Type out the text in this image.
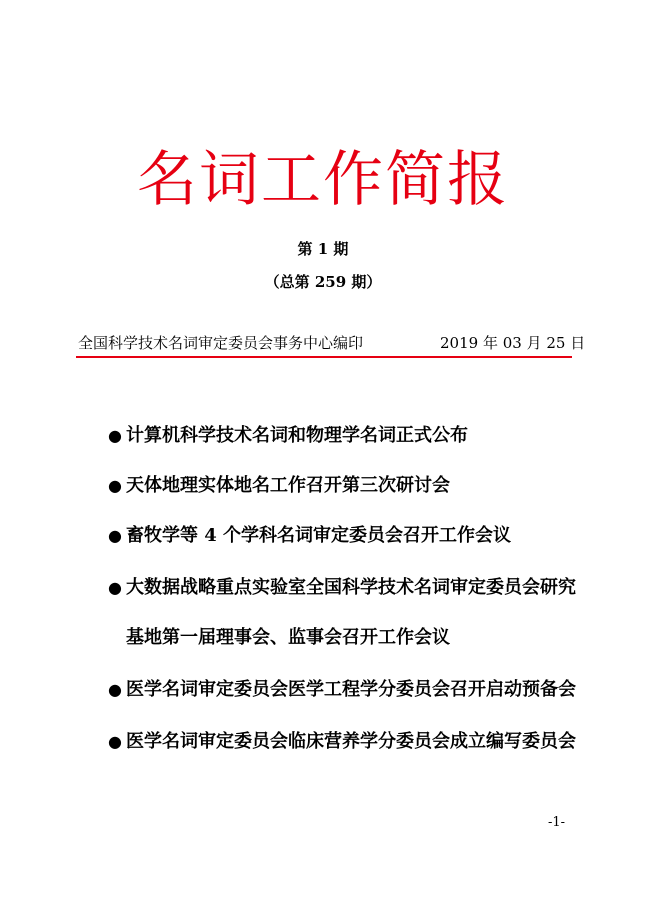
名词工作简报
第 1 期
（总第 259 期）
全国科学技术名词审定委员会事务中心编印	2019 年 03 月 25 日
● 计算机科学技术名词和物理学名词正式公布
● 天体地理实体地名工作召开第三次研讨会
● 畜牧学等 4 个学科名词审定委员会召开工作会议
● 大数据战略重点实验室全国科学技术名词审定委员会研究
基地第一届理事会、监事会召开工作会议
● 医学名词审定委员会医学工程学分委员会召开启动预备会
● 医学名词审定委员会临床营养学分委员会成立编写委员会
-1-
